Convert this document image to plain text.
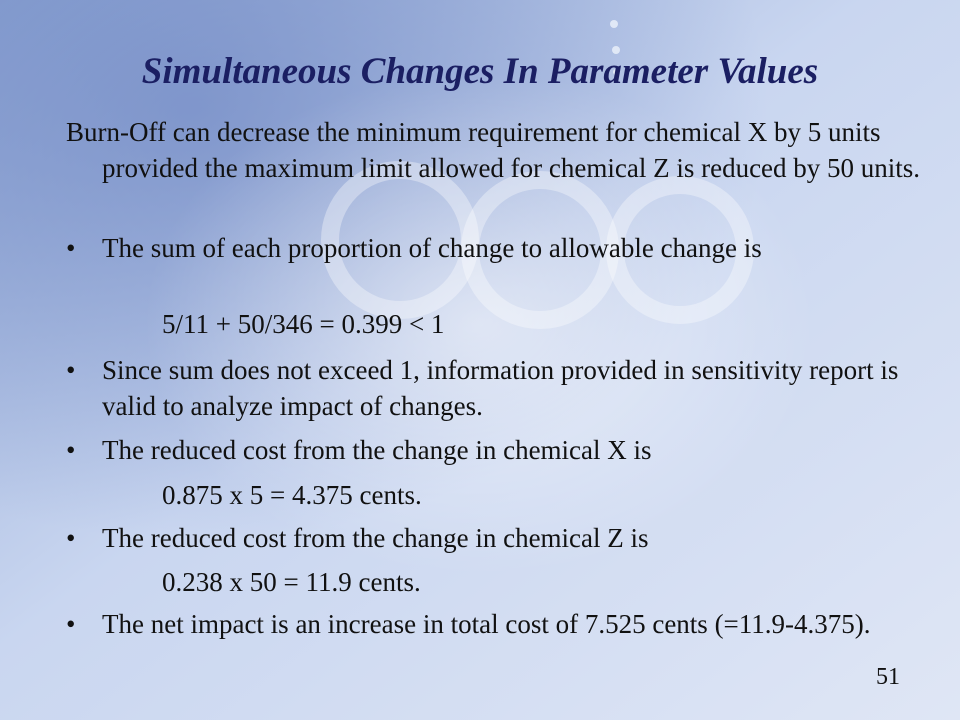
Simultaneous Changes In Parameter Values
Burn-Off can decrease the minimum requirement for chemical X by 5 units provided the maximum limit allowed for chemical Z is reduced by 50 units.
• The sum of each proportion of change to allowable change is
5/11 + 50/346 = 0.399 < 1
• Since sum does not exceed 1, information provided in sensitivity report is valid to analyze impact of changes.
• The reduced cost from the change in chemical X is
0.875 x 5 = 4.375 cents.
• The reduced cost from the change in chemical Z is
0.238 x 50 = 11.9 cents.
• The net impact is an increase in total cost of 7.525 cents (=11.9-4.375).
51
